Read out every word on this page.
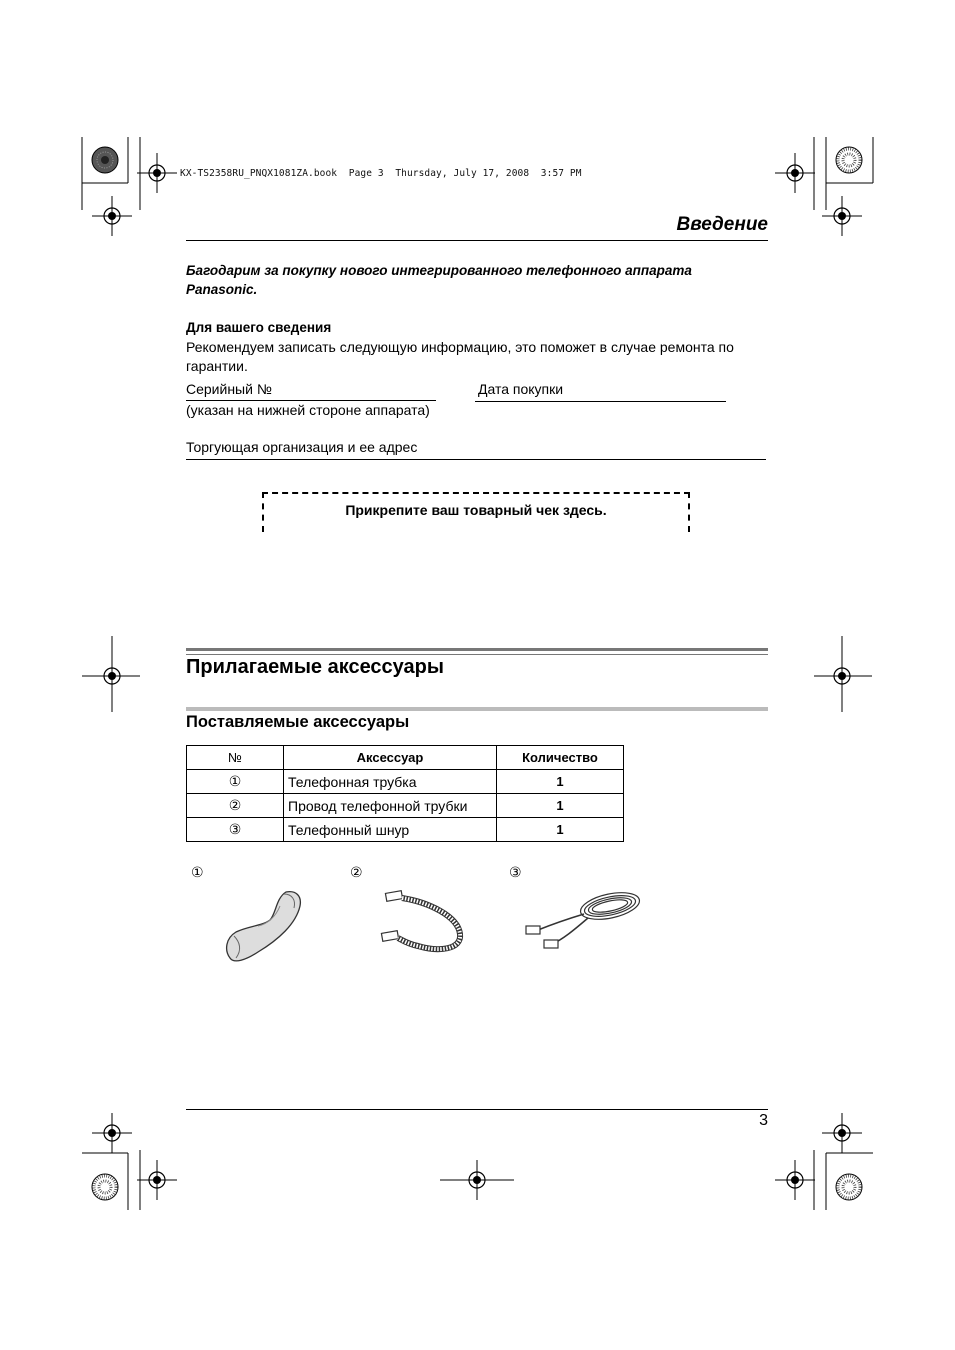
KX-TS2358RU_PNQX1081ZA.book  Page 3  Thursday, July 17, 2008  3:57 PM
Введение
Багодарим за покупку нового интегрированного телефонного аппарата Panasonic.
Для вашего сведения
Рекомендуем записать следующую информацию, это поможет в случае ремонта по гарантии.
Серийный №
(указан на нижней стороне аппарата)
Дата покупки
Торгующая организация и ее адрес
Прикрепите ваш товарный чек здесь.
Прилагаемые аксессуары
Поставляемые аксессуары
№	Аксессуар	Количество
①	Телефонная трубка	1
②	Провод телефонной трубки	1
③	Телефонный шнур	1
①	②	③
3
